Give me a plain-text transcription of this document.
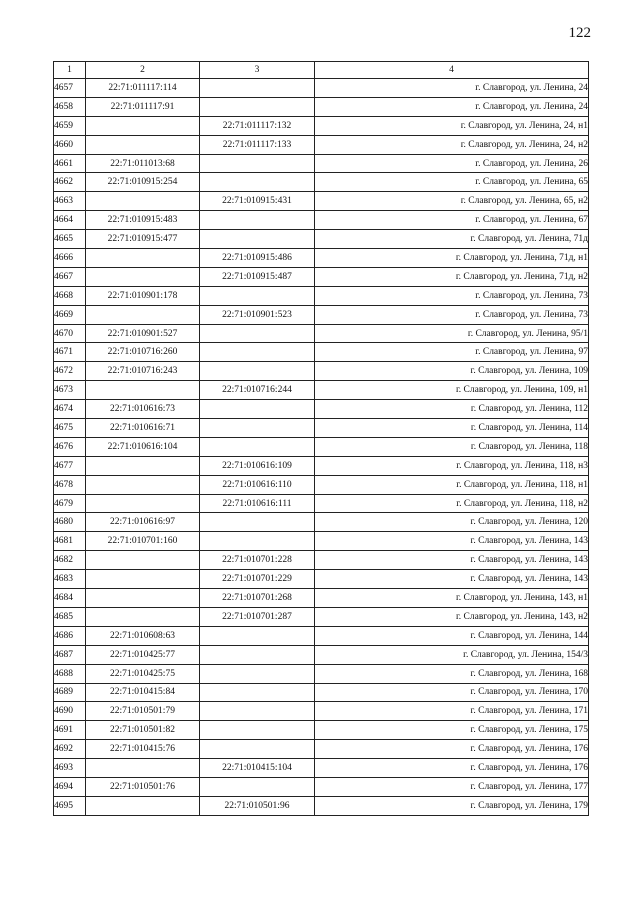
122
1	2	3	4
4657	22:71:011117:114		г. Славгород, ул. Ленина, 24
4658	22:71:011117:91		г. Славгород, ул. Ленина, 24
4659		22:71:011117:132	г. Славгород, ул. Ленина, 24, н1
4660		22:71:011117:133	г. Славгород, ул. Ленина, 24, н2
4661	22:71:011013:68		г. Славгород, ул. Ленина, 26
4662	22:71:010915:254		г. Славгород, ул. Ленина, 65
4663		22:71:010915:431	г. Славгород, ул. Ленина, 65, н2
4664	22:71:010915:483		г. Славгород, ул. Ленина, 67
4665	22:71:010915:477		г. Славгород, ул. Ленина, 71д
4666		22:71:010915:486	г. Славгород, ул. Ленина, 71д, н1
4667		22:71:010915:487	г. Славгород, ул. Ленина, 71д, н2
4668	22:71:010901:178		г. Славгород, ул. Ленина, 73
4669		22:71:010901:523	г. Славгород, ул. Ленина, 73
4670	22:71:010901:527		г. Славгород, ул. Ленина, 95/1
4671	22:71:010716:260		г. Славгород, ул. Ленина, 97
4672	22:71:010716:243		г. Славгород, ул. Ленина, 109
4673		22:71:010716:244	г. Славгород, ул. Ленина, 109, н1
4674	22:71:010616:73		г. Славгород, ул. Ленина, 112
4675	22:71:010616:71		г. Славгород, ул. Ленина, 114
4676	22:71:010616:104		г. Славгород, ул. Ленина, 118
4677		22:71:010616:109	г. Славгород, ул. Ленина, 118, н3
4678		22:71:010616:110	г. Славгород, ул. Ленина, 118, н1
4679		22:71:010616:111	г. Славгород, ул. Ленина, 118, н2
4680	22:71:010616:97		г. Славгород, ул. Ленина, 120
4681	22:71:010701:160		г. Славгород, ул. Ленина, 143
4682		22:71:010701:228	г. Славгород, ул. Ленина, 143
4683		22:71:010701:229	г. Славгород, ул. Ленина, 143
4684		22:71:010701:268	г. Славгород, ул. Ленина, 143, н1
4685		22:71:010701:287	г. Славгород, ул. Ленина, 143, н2
4686	22:71:010608:63		г. Славгород, ул. Ленина, 144
4687	22:71:010425:77		г. Славгород, ул. Ленина, 154/3
4688	22:71:010425:75		г. Славгород, ул. Ленина, 168
4689	22:71:010415:84		г. Славгород, ул. Ленина, 170
4690	22:71:010501:79		г. Славгород, ул. Ленина, 171
4691	22:71:010501:82		г. Славгород, ул. Ленина, 175
4692	22:71:010415:76		г. Славгород, ул. Ленина, 176
4693		22:71:010415:104	г. Славгород, ул. Ленина, 176
4694	22:71:010501:76		г. Славгород, ул. Ленина, 177
4695		22:71:010501:96	г. Славгород, ул. Ленина, 179
